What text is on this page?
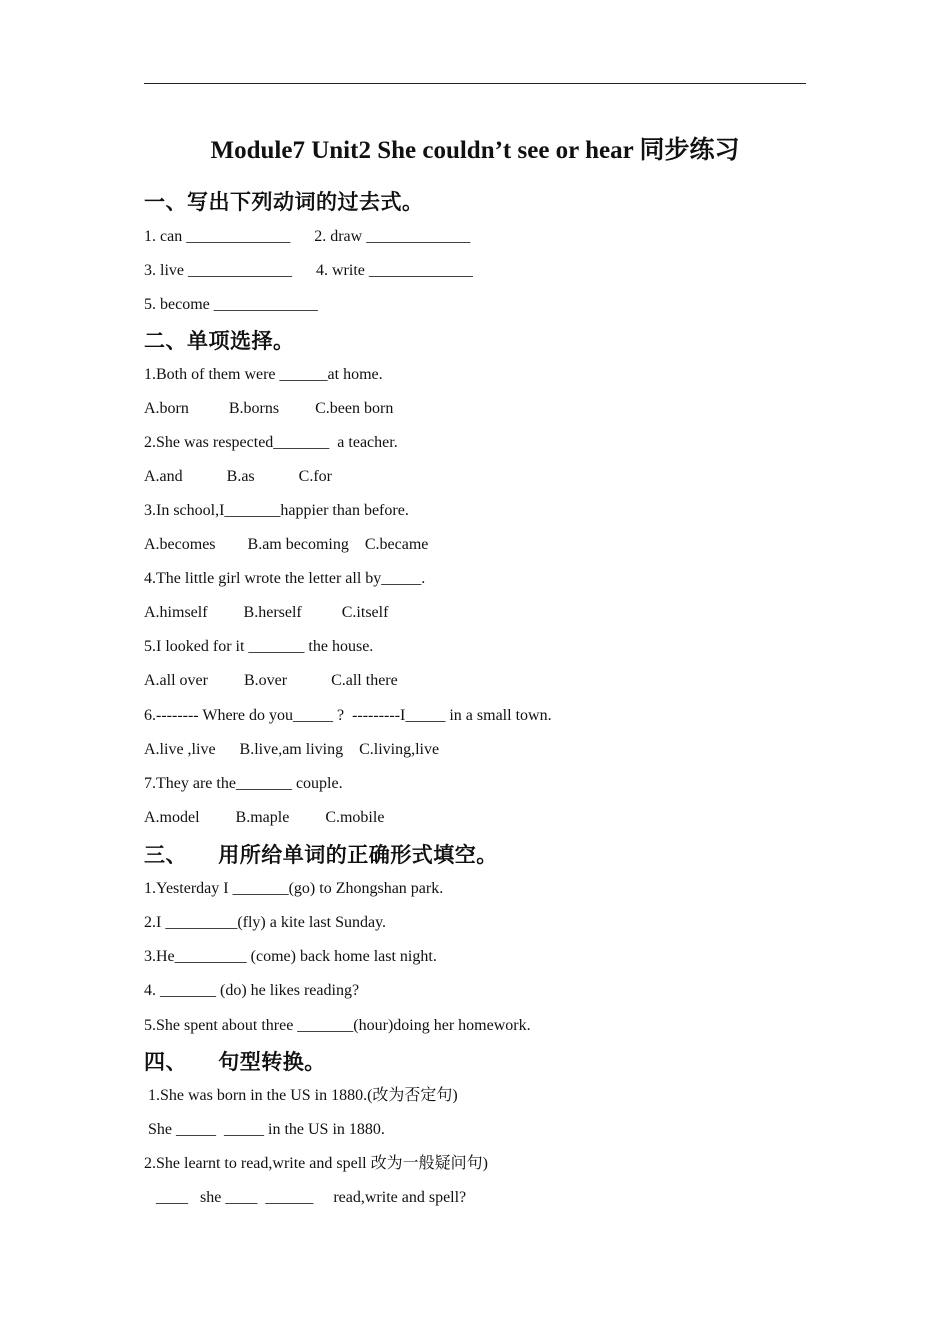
Module7 Unit2 She couldn’t see or hear 同步练习
一、写出下列动词的过去式。
1. can _____________      2. draw _____________
3. live _____________      4. write _____________
5. become _____________
二、单项选择。
1.Both of them were ______at home.
A.born          B.borns         C.been born
2.She was respected_______  a teacher.
A.and           B.as           C.for
3.In school,I_______happier than before.
A.becomes        B.am becoming    C.became
4.The little girl wrote the letter all by_____.
A.himself         B.herself          C.itself
5.I looked for it _______ the house.
A.all over         B.over           C.all there
6.-------- Where do you_____ ?  ---------I_____ in a small town.
A.live ,live      B.live,am living    C.living,live
7.They are the_______ couple.
A.model         B.maple         C.mobile
三、    用所给单词的正确形式填空。
1.Yesterday I _______(go) to Zhongshan park.
2.I _________(fly) a kite last Sunday.
3.He_________ (come) back home last night.
4. _______ (do) he likes reading?
5.She spent about three _______(hour)doing her homework.
四、    句型转换。
1.She was born in the US in 1880.(改为否定句)
She _____  _____ in the US in 1880.
2.She learnt to read,write and spell 改为一般疑问句)
____   she ____  ______     read,write and spell?
